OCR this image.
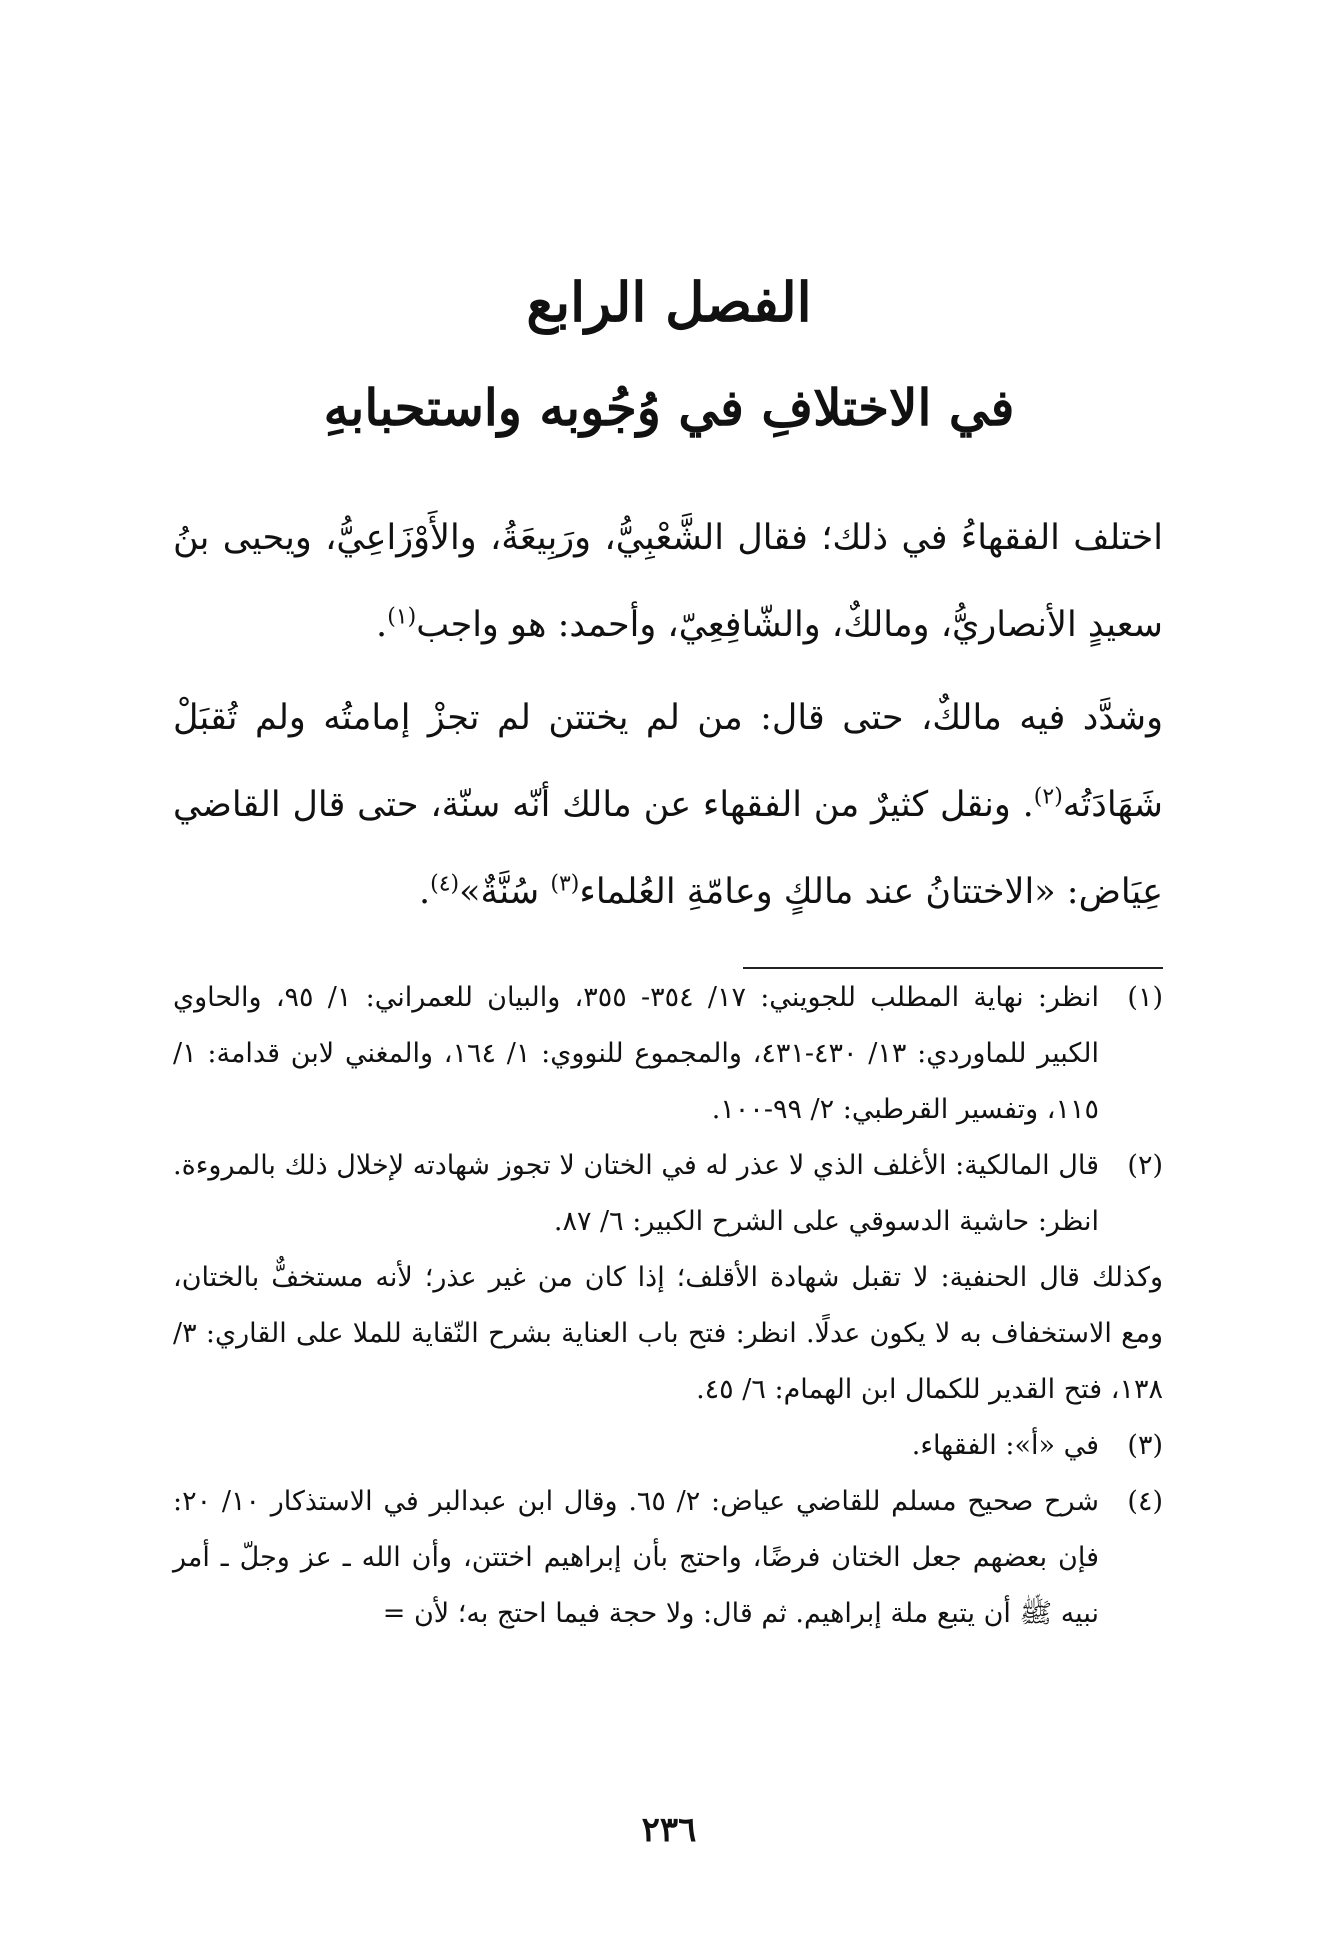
الفصل الرابع
في الاختلافِ في وُجُوبه واستحبابهِ

اختلف الفقهاءُ في ذلك؛ فقال الشَّعْبِيُّ، ورَبِيعَةُ، والأَوْزَاعِيُّ، ويحيى بنُ سعيدٍ الأنصاريُّ، ومالكٌ، والشّافِعِيّ، وأحمد: هو واجب$^{(١)}$.

وشدَّد فيه مالكٌ، حتى قال: من لم يختتن لم تجزْ إمامتُه ولم تُقبَلْ شَهَادَتُه$^{(٢)}$. ونقل كثيرٌ من الفقهاء عن مالك أنّه سنّة، حتى قال القاضي عِيَاض: «الاختتانُ عند مالكٍ وعامّةِ العُلماء$^{(٣)}$ سُنَّةٌ»$^{(٤)}$.

(١)

انظر: نهاية المطلب للجويني: ١٧/ ٣٥٤- ٣٥٥، والبيان للعمراني: ١/ ٩٥، والحاوي الكبير للماوردي: ١٣/ ٤٣٠-٤٣١، والمجموع للنووي: ١/ ١٦٤، والمغني لابن قدامة: ١/ ١١٥، وتفسير القرطبي: ٢/ ٩٩-١٠٠.

(٢)

قال المالكية: الأغلف الذي لا عذر له في الختان لا تجوز شهادته لإخلال ذلك بالمروءة. انظر: حاشية الدسوقي على الشرح الكبير: ٦/ ٨٧.

وكذلك قال الحنفية: لا تقبل شهادة الأقلف؛ إذا كان من غير عذر؛ لأنه مستخفٌّ بالختان، ومع الاستخفاف به لا يكون عدلًا. انظر: فتح باب العناية بشرح النّقاية للملا على القاري: ٣/ ١٣٨، فتح القدير للكمال ابن الهمام: ٦/ ٤٥.

(٣)

في «أ»: الفقهاء.

(٤)

شرح صحيح مسلم للقاضي عياض: ٢/ ٦٥. وقال ابن عبدالبر في الاستذكار ١٠/ ٢٠: فإن بعضهم جعل الختان فرضًا، واحتج بأن إبراهيم اختتن، وأن الله ـ عز وجلّ ـ أمر نبيه ﷺ أن يتبع ملة إبراهيم. ثم قال: ولا حجة فيما احتج به؛ لأن =

٢٣٦
